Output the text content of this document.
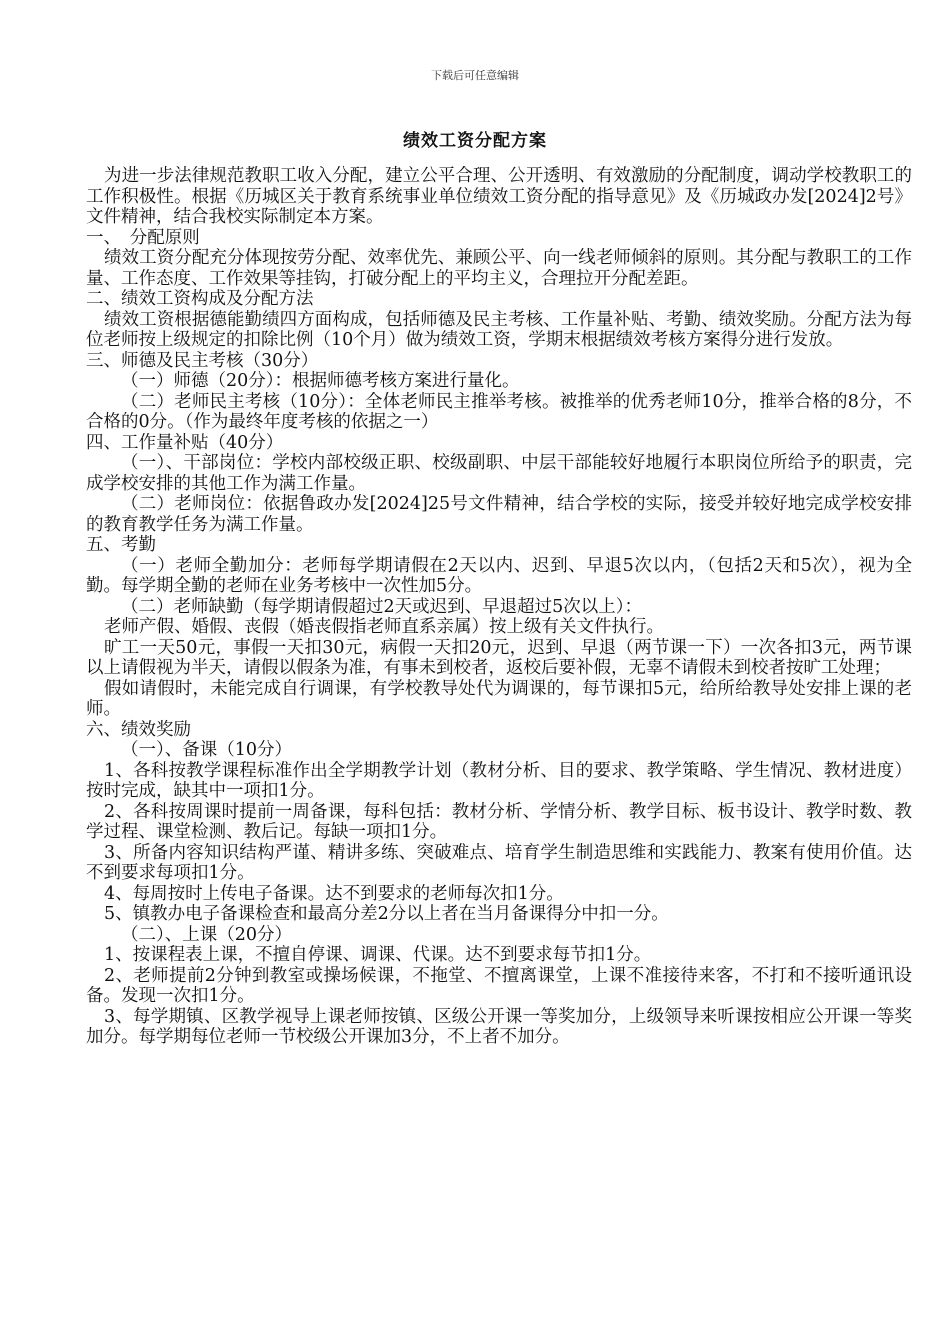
下载后可任意编辑
绩效工资分配方案

为进一步法律规范教职工收入分配，建立公平合理、公开透明、有效激励的分配制度，调动学校教职工的工作积极性。根据《历城区关于教育系统事业单位绩效工资分配的指导意见》及《历城政办发[2024]2号》文件精神，结合我校实际制定本方案。

一、　分配原则

绩效工资分配充分体现按劳分配、效率优先、兼顾公平、向一线老师倾斜的原则。其分配与教职工的工作量、工作态度、工作效果等挂钩，打破分配上的平均主义，合理拉开分配差距。

二、绩效工资构成及分配方法

绩效工资根据德能勤绩四方面构成，包括师德及民主考核、工作量补贴、考勤、绩效奖励。分配方法为每位老师按上级规定的扣除比例（10个月）做为绩效工资，学期末根据绩效考核方案得分进行发放。

三、师德及民主考核（30分）

（一）师德（20分）：根据师德考核方案进行量化。

（二）老师民主考核（10分）：全体老师民主推举考核。被推举的优秀老师10分，推举合格的8分，不合格的0分。（作为最终年度考核的依据之一）

四、工作量补贴（40分）

（一）、干部岗位：学校内部校级正职、校级副职、中层干部能较好地履行本职岗位所给予的职责，完成学校安排的其他工作为满工作量。

（二）老师岗位：依据鲁政办发[2024]25号文件精神，结合学校的实际，接受并较好地完成学校安排的教育教学任务为满工作量。

五、考勤

（一）老师全勤加分：老师每学期请假在2天以内、迟到、早退5次以内，（包括2天和5次），视为全勤。每学期全勤的老师在业务考核中一次性加5分。

（二）老师缺勤（每学期请假超过2天或迟到、早退超过5次以上）：

老师产假、婚假、丧假（婚丧假指老师直系亲属）按上级有关文件执行。

旷工一天50元，事假一天扣30元，病假一天扣20元，迟到、早退（两节课一下）一次各扣3元，两节课以上请假视为半天，请假以假条为准，有事未到校者，返校后要补假，无辜不请假未到校者按旷工处理；

假如请假时，未能完成自行调课，有学校教导处代为调课的，每节课扣5元，给所给教导处安排上课的老师。

六、绩效奖励

（一）、备课（10分）

1、各科按教学课程标准作出全学期教学计划（教材分析、目的要求、教学策略、学生情况、教材进度）按时完成，缺其中一项扣1分。

2、各科按周课时提前一周备课，每科包括：教材分析、学情分析、教学目标、板书设计、教学时数、教学过程、课堂检测、教后记。每缺一项扣1分。

3、所备内容知识结构严谨、精讲多练、突破难点、培育学生制造思维和实践能力、教案有使用价值。达不到要求每项扣1分。

4、每周按时上传电子备课。达不到要求的老师每次扣1分。

5、镇教办电子备课检查和最高分差2分以上者在当月备课得分中扣一分。

（二）、上课（20分）

1、按课程表上课，不擅自停课、调课、代课。达不到要求每节扣1分。

2、老师提前2分钟到教室或操场候课，不拖堂、不擅离课堂，上课不准接待来客，不打和不接听通讯设备。发现一次扣1分。

3、每学期镇、区教学视导上课老师按镇、区级公开课一等奖加分，上级领导来听课按相应公开课一等奖加分。每学期每位老师一节校级公开课加3分，不上者不加分。
